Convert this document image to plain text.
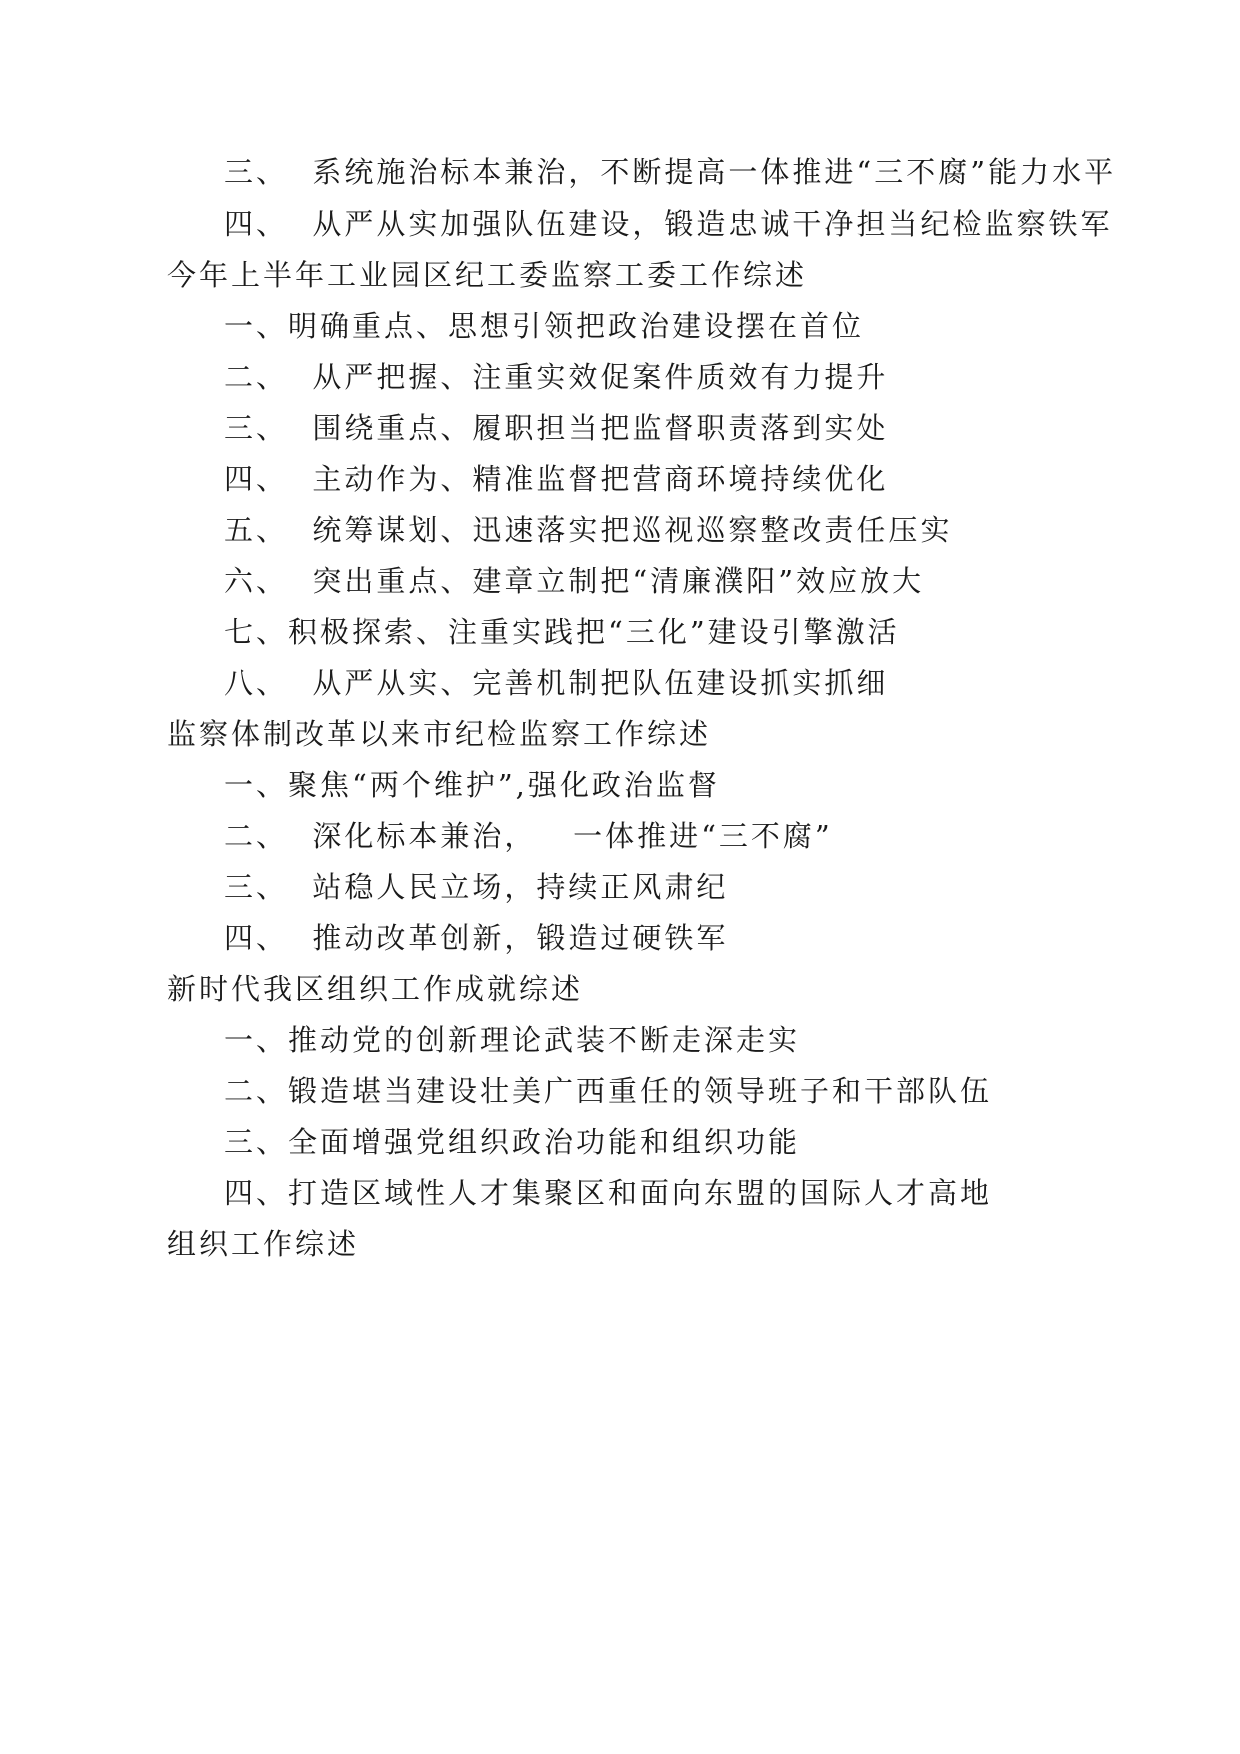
三、  系统施治标本兼治，不断提高一体推进“三不腐”能力水平
四、  从严从实加强队伍建设，锻造忠诚干净担当纪检监察铁军
今年上半年工业园区纪工委监察工委工作综述
一、明确重点、思想引领把政治建设摆在首位
二、  从严把握、注重实效促案件质效有力提升
三、  围绕重点、履职担当把监督职责落到实处
四、  主动作为、精准监督把营商环境持续优化
五、  统筹谋划、迅速落实把巡视巡察整改责任压实
六、  突出重点、建章立制把“清廉濮阳”效应放大
七、积极探索、注重实践把“三化”建设引擎激活
八、  从严从实、完善机制把队伍建设抓实抓细
监察体制改革以来市纪检监察工作综述
一、聚焦“两个维护”,强化政治监督
二、  深化标本兼治，   一体推进“三不腐”
三、  站稳人民立场，持续正风肃纪
四、  推动改革创新，锻造过硬铁军
新时代我区组织工作成就综述
一、推动党的创新理论武装不断走深走实
二、锻造堪当建设壮美广西重任的领导班子和干部队伍
三、全面增强党组织政治功能和组织功能
四、打造区域性人才集聚区和面向东盟的国际人才高地
组织工作综述
